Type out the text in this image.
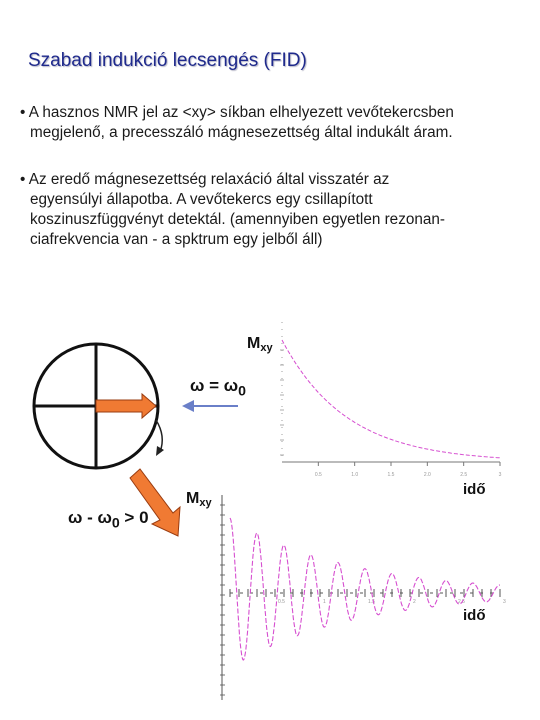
Szabad indukció lecsengés (FID)
• A hasznos NMR jel az <xy> síkban elhelyezett vevőtekercsben
megjelenő, a precesszáló mágnesezettség által indukált áram.
• Az eredő mágnesezettség relaxáció által visszatér az
egyensúlyi állapotba. A vevőtekercs egy csillapított
koszinuszfüggvényt detektál. (amennyiben egyetlen rezonan-
ciafrekvencia van - a spktrum egy jelből áll)
0.5	1.0	1.5	2.0	2.5	3
0.5	1	1.5	2	2.5	3
$M_{xy}$
$\omega = \omega_0$
idő
$M_{xy}$
$\omega - \omega_0 > 0$
idő
